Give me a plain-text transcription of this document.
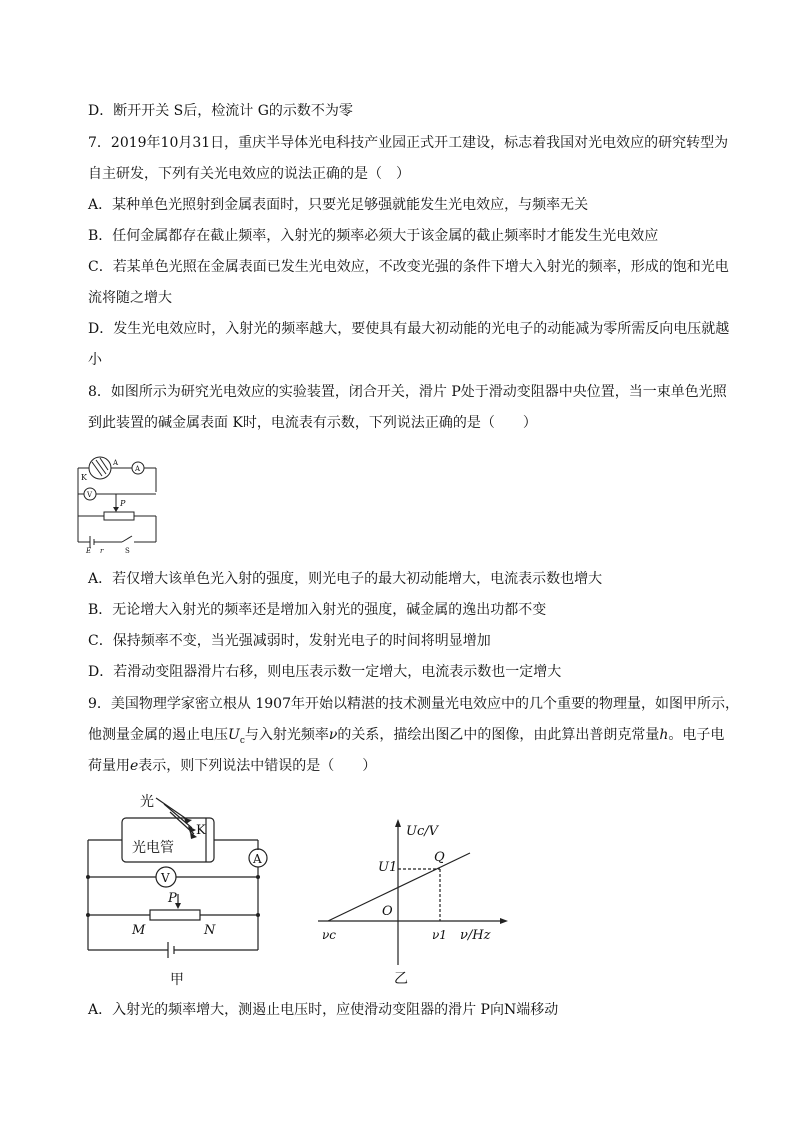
D．断开开关 S后，检流计 G的示数不为零
7．2019年10月31日，重庆半导体光电科技产业园正式开工建设，标志着我国对光电效应的研究转型为
自主研发，下列有关光电效应的说法正确的是（　）
A．某种单色光照射到金属表面时，只要光足够强就能发生光电效应，与频率无关
B．任何金属都存在截止频率，入射光的频率必须大于该金属的截止频率时才能发生光电效应
C．若某单色光照在金属表面已发生光电效应，不改变光强的条件下增大入射光的频率，形成的饱和光电
流将随之增大
D．发生光电效应时，入射光的频率越大，要使具有最大初动能的光电子的动能减为零所需反向电压就越
小
8．如图所示为研究光电效应的实验装置，闭合开关，滑片 P处于滑动变阻器中央位置，当一束单色光照
到此装置的碱金属表面 K时，电流表有示数，下列说法正确的是（　　）
K
A
A
V
P
E r	S
A．若仅增大该单色光入射的强度，则光电子的最大初动能增大，电流表示数也增大
B．无论增大入射光的频率还是增加入射光的强度，碱金属的逸出功都不变
C．保持频率不变，当光强减弱时，发射光电子的时间将明显增加
D．若滑动变阻器滑片右移，则电压表示数一定增大，电流表示数也一定增大
9．美国物理学家密立根从 1907年开始以精湛的技术测量光电效应中的几个重要的物理量，如图甲所示，
他测量金属的遏止电压$U_c$与入射光频率ν的关系，描绘出图乙中的图像，由此算出普朗克常量h。电子电
荷量用e表示，则下列说法中错误的是（　　）
光
K
光电管
A
V
P
M	N
甲
Uc/V
ν/Hz
U1
Q
O
νc	ν1
乙
A．入射光的频率增大，测遏止电压时，应使滑动变阻器的滑片 P向N端移动
